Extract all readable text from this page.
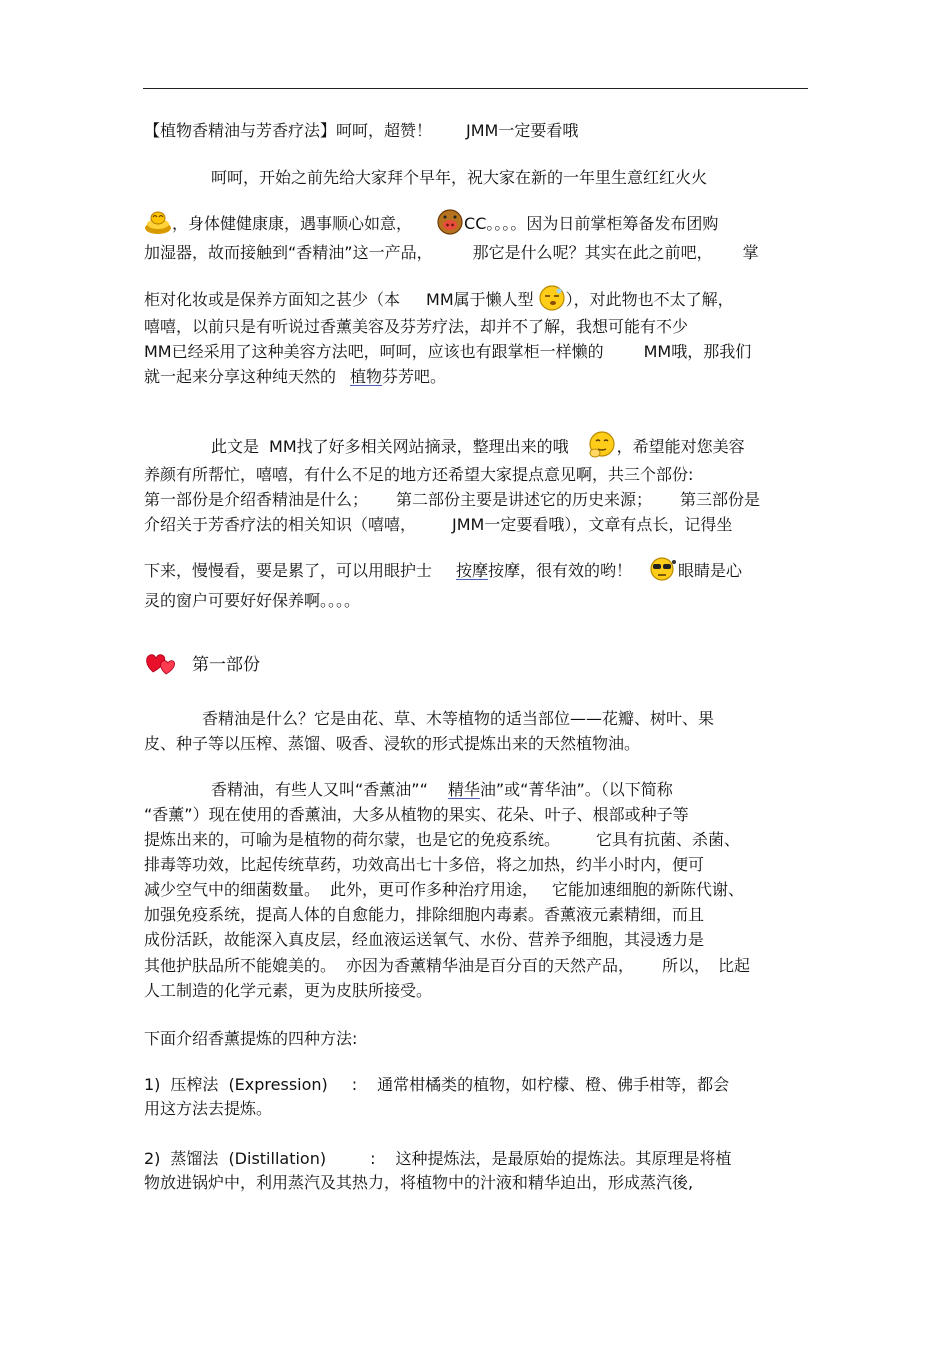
【植物香精油与芳香疗法】呵呵，超赞！ JMM一定要看哦
呵呵，开始之前先给大家拜个早年，祝大家在新的一年里生意红红火火
，身体健健康康，遇事顺心如意，	CC。。。。因为日前掌柜筹备发布团购
加湿器，故而接触到“香精油”这一产品，	那它是什么呢？其实在此之前吧， 掌
柜对化妆或是保养方面知之甚少（本 MM属于懒人型 ），对此物也不太了解，
嘻嘻，以前只是有听说过香薰美容及芬芳疗法，却并不了解，我想可能有不少
MM已经采用了这种美容方法吧，呵呵，应该也有跟掌柜一样懒的	MM哦，那我们
就一起来分享这种纯天然的 植物芬芳吧。
此文是 MM找了好多相关网站摘录，整理出来的哦	，希望能对您美容
养颜有所帮忙，嘻嘻，有什么不足的地方还希望大家提点意见啊，共三个部份:
第一部份是介绍香精油是什么； 第二部份主要是讲述它的历史来源； 第三部份是
介绍关于芳香疗法的相关知识（嘻嘻， JMM一定要看哦），文章有点长，记得坐
下来，慢慢看，要是累了，可以用眼护士 按摩按摩，很有效的哟！	眼睛是心
灵的窗户可要好好保养啊。。。。
第一部份
香精油是什么？它是由花、草、木等植物的适当部位——花瓣、树叶、果
皮、种子等以压榨、蒸馏、吸香、浸软的形式提炼出来的天然植物油。
香精油，有些人又叫“香薰油”“ 精华油”或“菁华油”。（以下简称
“香薰”）现在使用的香薰油，大多从植物的果实、花朵、叶子、根部或种子等
提炼出来的，可喻为是植物的荷尔蒙，也是它的免疫系统。 它具有抗菌、杀菌、
排毒等功效，比起传统草药，功效高出七十多倍，将之加热，约半小时内，便可
减少空气中的细菌数量。 此外，更可作多种治疗用途， 它能加速细胞的新陈代谢、
加强免疫系统，提高人体的自愈能力，排除细胞内毒素。香薰液元素精细，而且
成份活跃，故能深入真皮层，经血液运送氧气、水份、营养予细胞，其浸透力是
其他护肤品所不能媲美的。 亦因为香薰精华油是百分百的天然产品， 所以， 比起
人工制造的化学元素，更为皮肤所接受。
下面介绍香薰提炼的四种方法:
1) 压榨法 (Expression) : 通常柑橘类的植物，如柠檬、橙、佛手柑等，都会
用这方法去提炼。
2) 蒸馏法 (Distillation)	: 这种提炼法，是最原始的提炼法。其原理是将植
物放进锅炉中，利用蒸汽及其热力，将植物中的汁液和精华迫出，形成蒸汽後,
